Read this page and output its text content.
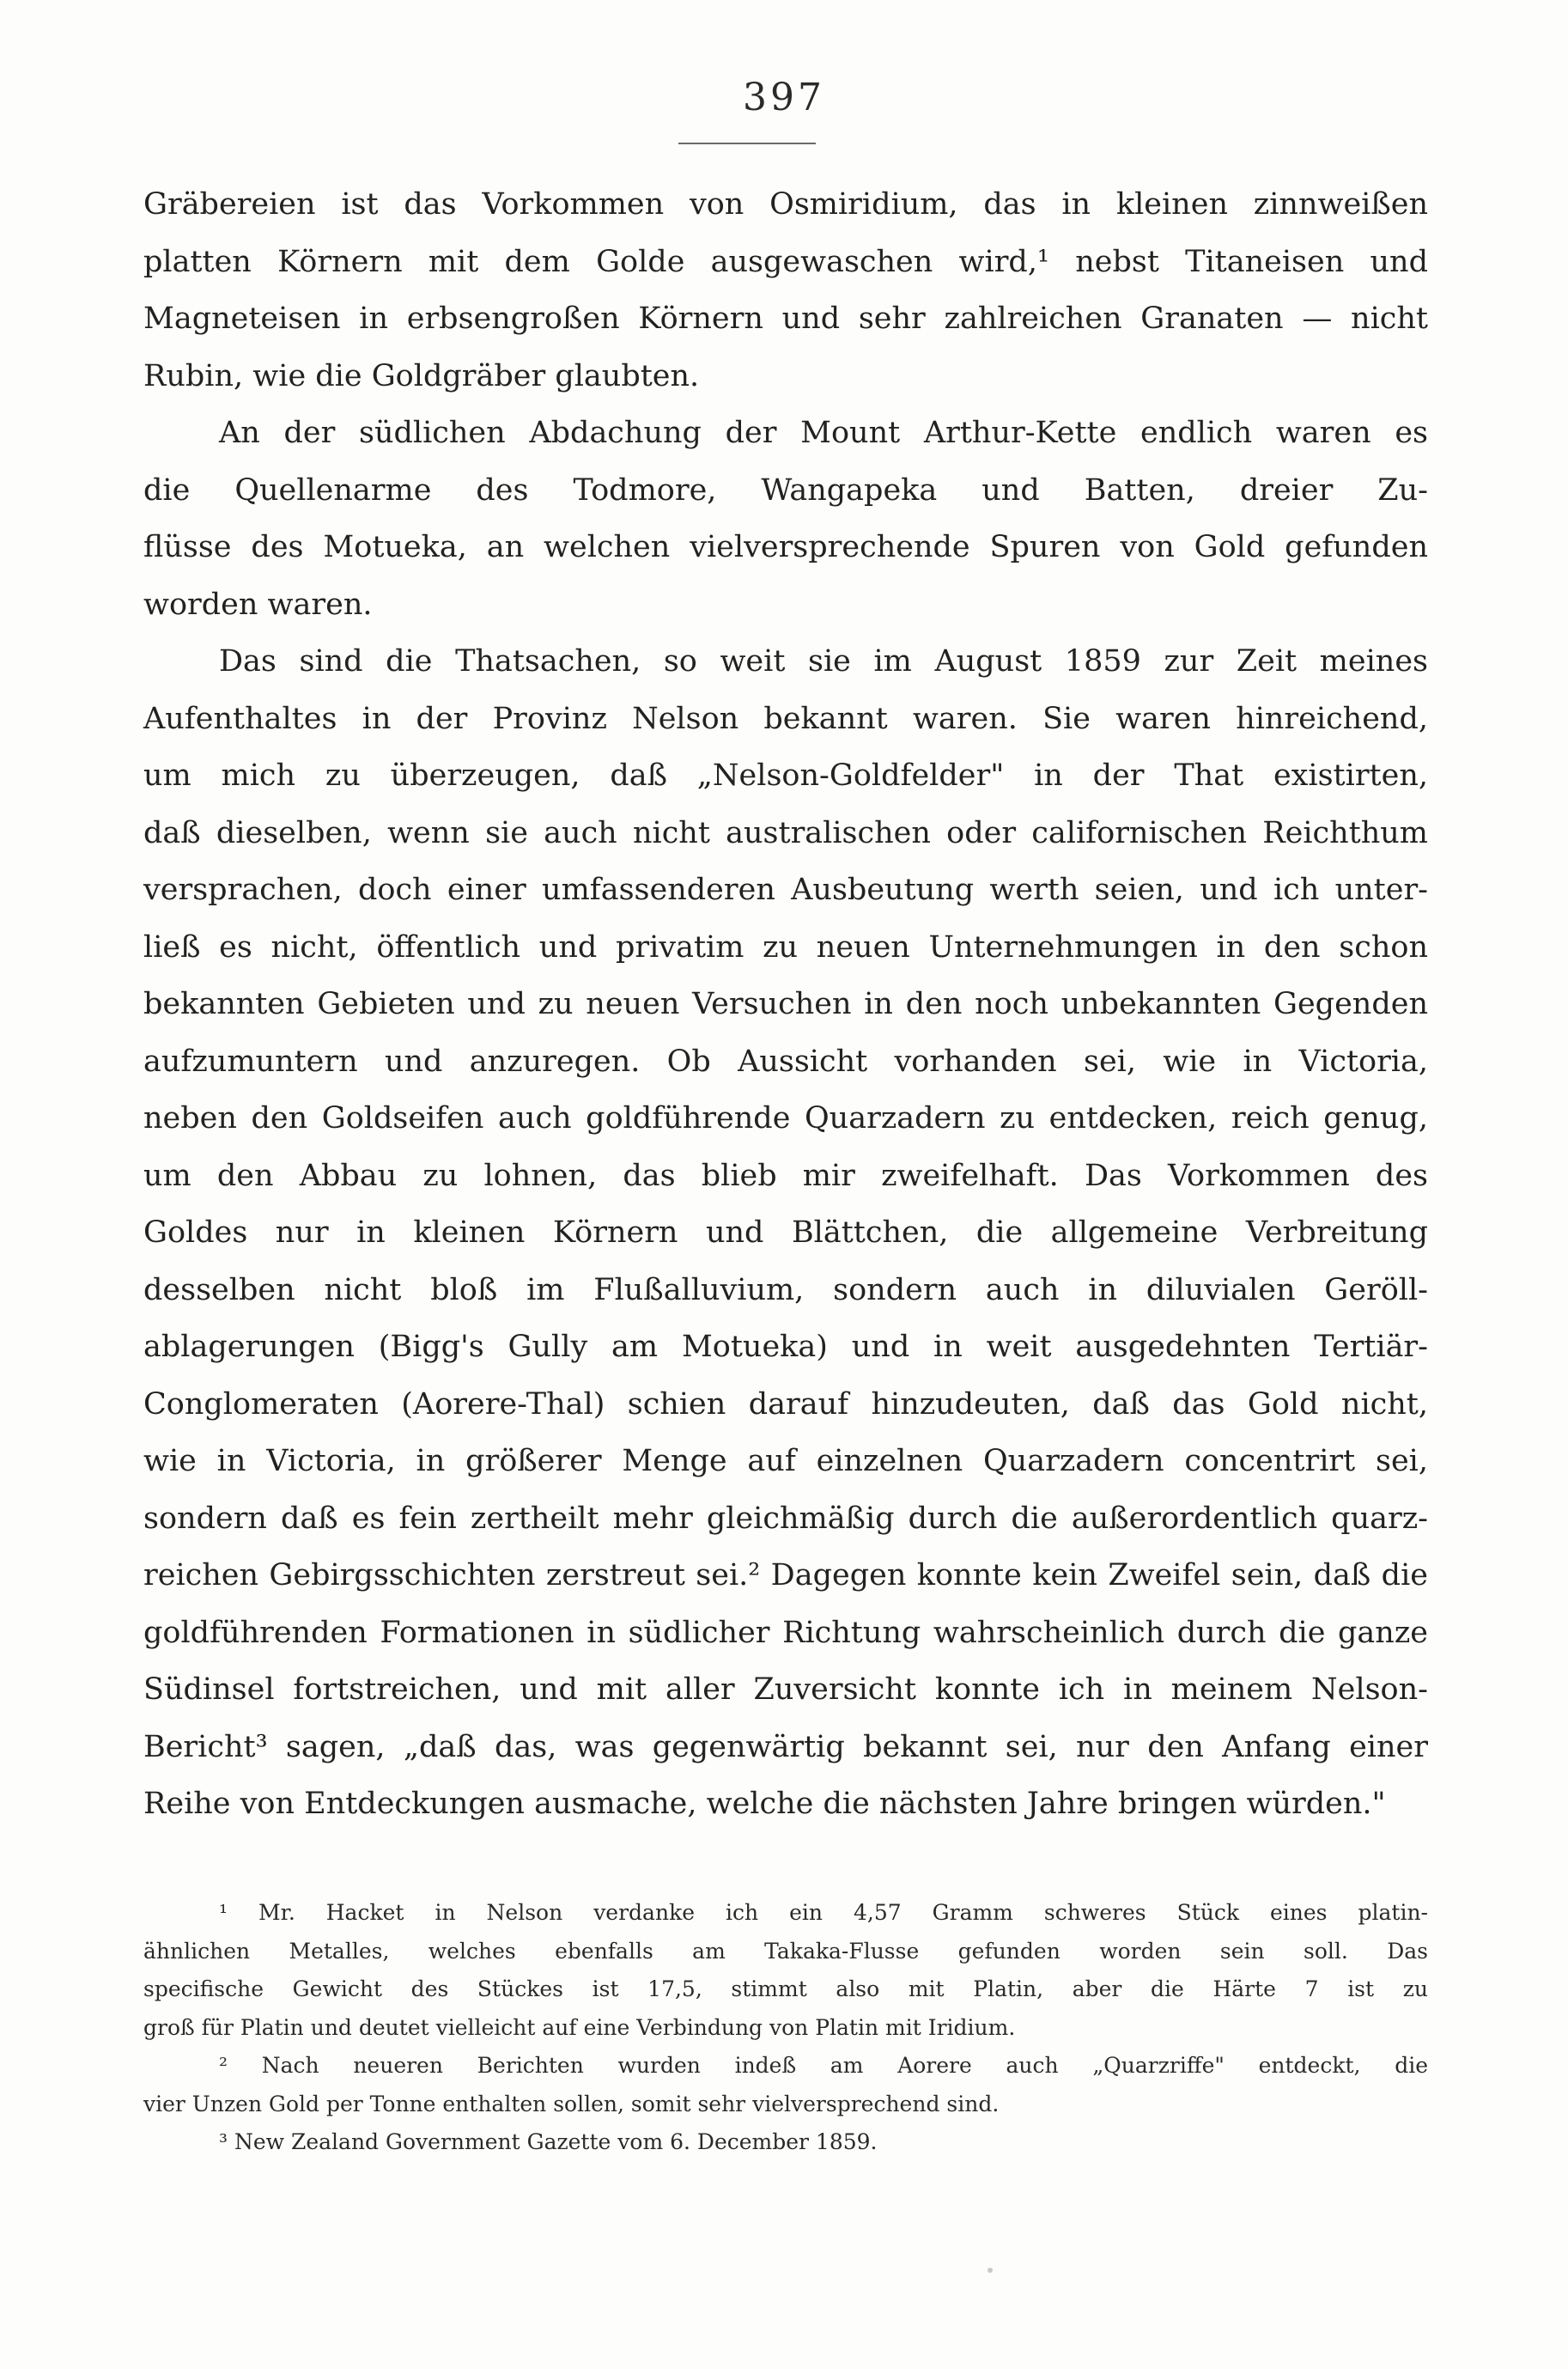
397
Gräbereien ist das Vorkommen von Osmiridium, das in kleinen zinnweißen
platten Körnern mit dem Golde ausgewaschen wird,¹ nebst Titaneisen und
Magneteisen in erbsengroßen Körnern und sehr zahlreichen Granaten — nicht
Rubin, wie die Goldgräber glaubten.
An der südlichen Abdachung der Mount Arthur-Kette endlich waren es
die Quellenarme des Todmore, Wangapeka und Batten, dreier Zu-
flüsse des Motueka, an welchen vielversprechende Spuren von Gold gefunden
worden waren.
Das sind die Thatsachen, so weit sie im August 1859 zur Zeit meines
Aufenthaltes in der Provinz Nelson bekannt waren. Sie waren hinreichend,
um mich zu überzeugen, daß „Nelson-Goldfelder" in der That existirten,
daß dieselben, wenn sie auch nicht australischen oder californischen Reichthum
versprachen, doch einer umfassenderen Ausbeutung werth seien, und ich unter-
ließ es nicht, öffentlich und privatim zu neuen Unternehmungen in den schon
bekannten Gebieten und zu neuen Versuchen in den noch unbekannten Gegenden
aufzumuntern und anzuregen. Ob Aussicht vorhanden sei, wie in Victoria,
neben den Goldseifen auch goldführende Quarzadern zu entdecken, reich genug,
um den Abbau zu lohnen, das blieb mir zweifelhaft. Das Vorkommen des
Goldes nur in kleinen Körnern und Blättchen, die allgemeine Verbreitung
desselben nicht bloß im Flußalluvium, sondern auch in diluvialen Geröll-
ablagerungen (Bigg's Gully am Motueka) und in weit ausgedehnten Tertiär-
Conglomeraten (Aorere-Thal) schien darauf hinzudeuten, daß das Gold nicht,
wie in Victoria, in größerer Menge auf einzelnen Quarzadern concentrirt sei,
sondern daß es fein zertheilt mehr gleichmäßig durch die außerordentlich quarz-
reichen Gebirgsschichten zerstreut sei.² Dagegen konnte kein Zweifel sein, daß die
goldführenden Formationen in südlicher Richtung wahrscheinlich durch die ganze
Südinsel fortstreichen, und mit aller Zuversicht konnte ich in meinem Nelson-
Bericht³ sagen, „daß das, was gegenwärtig bekannt sei, nur den Anfang einer
Reihe von Entdeckungen ausmache, welche die nächsten Jahre bringen würden."
¹ Mr. Hacket in Nelson verdanke ich ein 4,57 Gramm schweres Stück eines platin-
ähnlichen Metalles, welches ebenfalls am Takaka-Flusse gefunden worden sein soll. Das
specifische Gewicht des Stückes ist 17,5, stimmt also mit Platin, aber die Härte 7 ist zu
groß für Platin und deutet vielleicht auf eine Verbindung von Platin mit Iridium.
² Nach neueren Berichten wurden indeß am Aorere auch „Quarzriffe" entdeckt, die
vier Unzen Gold per Tonne enthalten sollen, somit sehr vielversprechend sind.
³ New Zealand Government Gazette vom 6. December 1859.
